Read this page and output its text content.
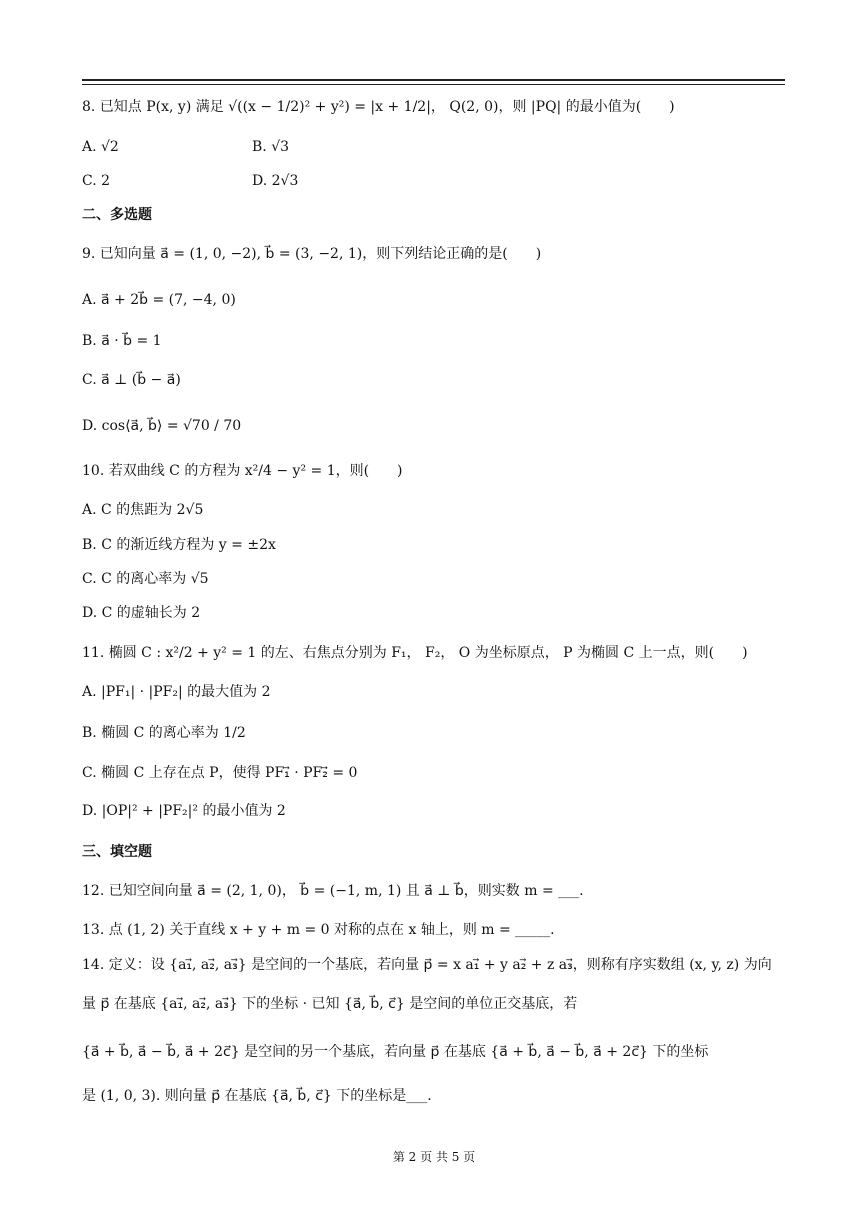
8. 已知点 P(x, y) 满足 √((x − 1/2)² + y²) = |x + 1/2|， Q(2, 0)，则 |PQ| 的最小值为(　　)
A. √2	B. √3
C. 2	D. 2√3
二、多选题
9. 已知向量 a⃗ = (1, 0, −2), b⃗ = (3, −2, 1)，则下列结论正确的是(　　)
A. a⃗ + 2b⃗ = (7, −4, 0)
B. a⃗ · b⃗ = 1
C. a⃗ ⊥ (b⃗ − a⃗)
D. cos⟨a⃗, b⃗⟩ = √70 / 70
10. 若双曲线 C 的方程为 x²/4 − y² = 1，则(　　)
A. C 的焦距为 2√5
B. C 的渐近线方程为 y = ±2x
C. C 的离心率为 √5
D. C 的虚轴长为 2
11. 椭圆 C : x²/2 + y² = 1 的左、右焦点分别为 F₁， F₂， O 为坐标原点， P 为椭圆 C 上一点，则(　　)
A. |PF₁| · |PF₂| 的最大值为 2
B. 椭圆 C 的离心率为 1/2
C. 椭圆 C 上存在点 P，使得 PF₁⃗ · PF₂⃗ = 0
D. |OP|² + |PF₂|² 的最小值为 2
三、填空题
12. 已知空间向量 a⃗ = (2, 1, 0)， b⃗ = (−1, m, 1) 且 a⃗ ⊥ b⃗，则实数 m = ___.
13. 点 (1, 2) 关于直线 x + y + m = 0 对称的点在 x 轴上，则 m = _____.
14. 定义：设 {a₁⃗, a₂⃗, a₃⃗} 是空间的一个基底，若向量 p⃗ = x a₁⃗ + y a₂⃗ + z a₃⃗，则称有序实数组 (x, y, z) 为向
量 p⃗ 在基底 {a₁⃗, a₂⃗, a₃⃗} 下的坐标 · 已知 {a⃗, b⃗, c⃗} 是空间的单位正交基底，若
{a⃗ + b⃗, a⃗ − b⃗, a⃗ + 2c⃗} 是空间的另一个基底，若向量 p⃗ 在基底 {a⃗ + b⃗, a⃗ − b⃗, a⃗ + 2c⃗} 下的坐标
是 (1, 0, 3). 则向量 p⃗ 在基底 {a⃗, b⃗, c⃗} 下的坐标是___.
第 2 页 共 5 页
